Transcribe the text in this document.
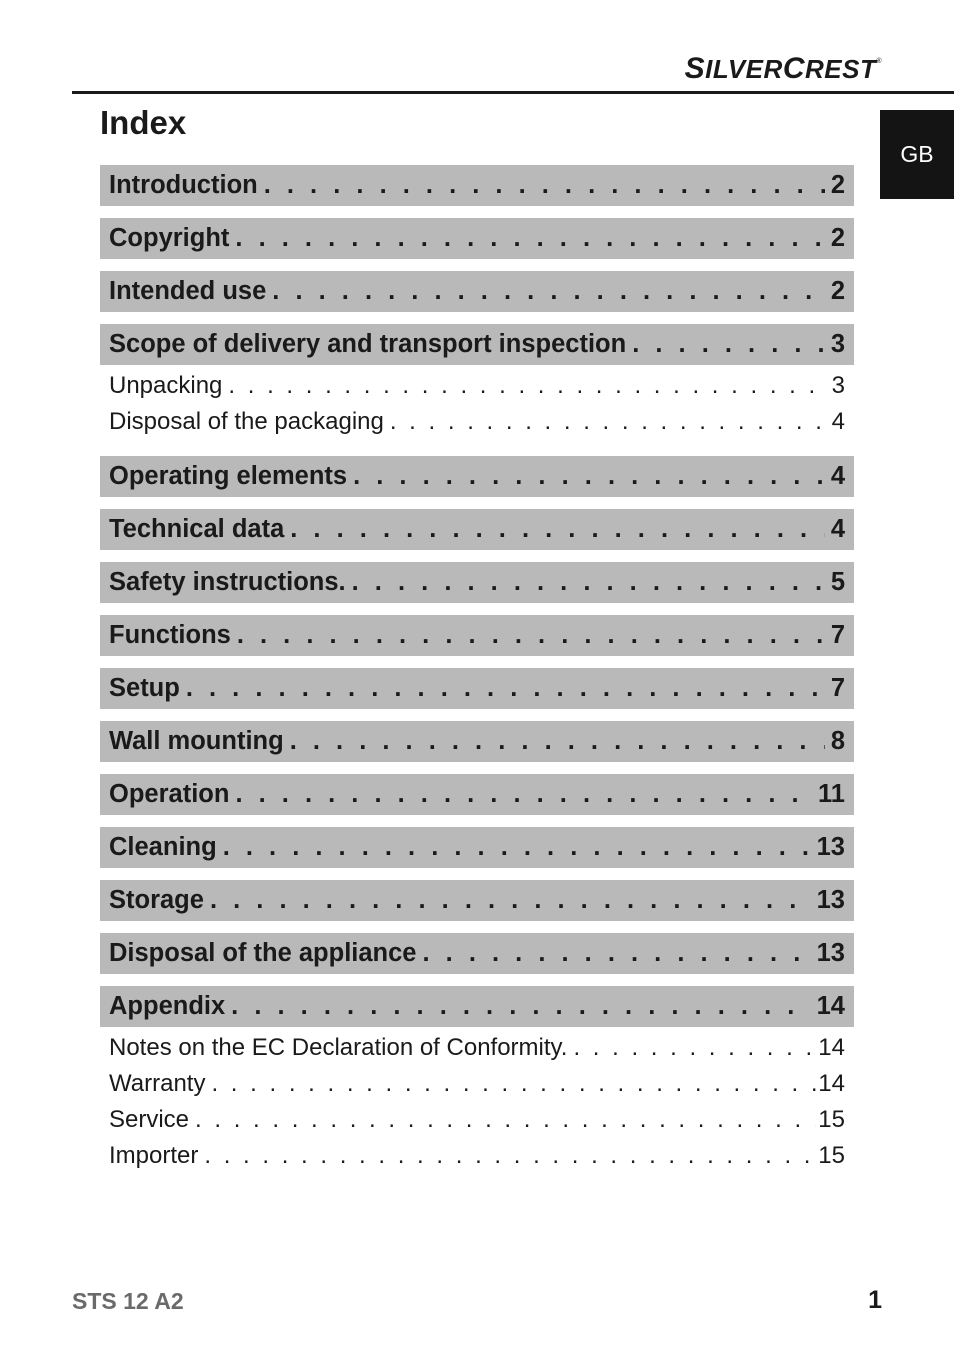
SILVERCREST®
GB
Index
Introduction . . .	2
Copyright . . .	2
Intended use . . .	2
Scope of delivery and transport inspection . . .	3
Unpacking . . .	3
Disposal of the packaging . . .	4
Operating elements . . .	4
Technical data . . .	4
Safety instructions. . . .	5
Functions . . .	7
Setup . . .	7
Wall mounting . . .	8
Operation . . .	11
Cleaning . . .	13
Storage . . .	13
Disposal of the appliance . . .	13
Appendix . . .	14
Notes on the EC Declaration of Conformity. . . .	14
Warranty . . .	14
Service . . .	15
Importer . . .	15
STS 12 A2	1
